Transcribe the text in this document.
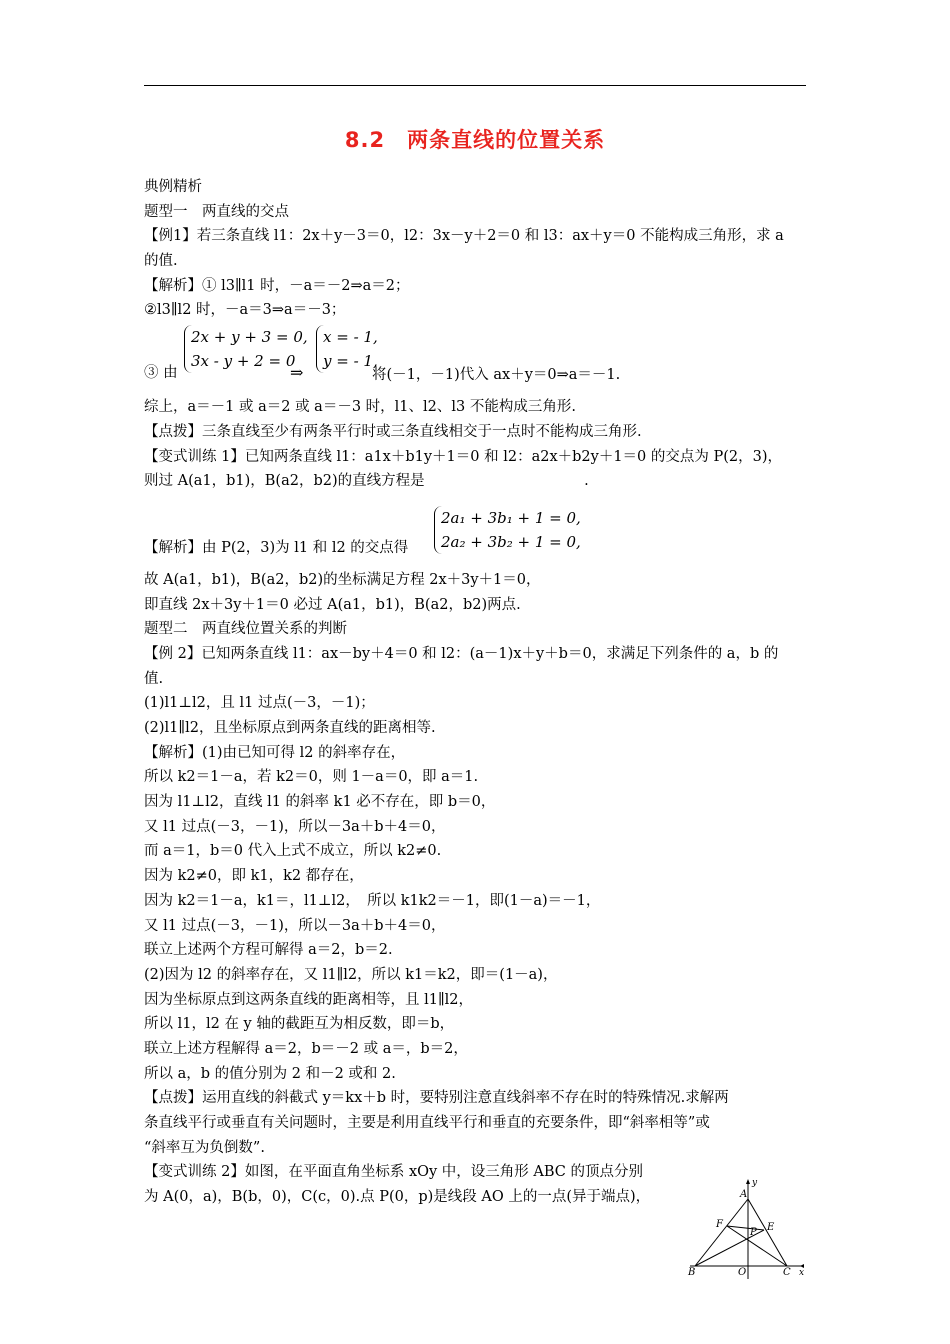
8.2　两条直线的位置关系
典例精析
题型一　两直线的交点
【例1】若三条直线 l1：2x＋y－3＝0，l2：3x－y＋2＝0 和 l3：ax＋y＝0 不能构成三角形，求 a
的值.
【解析】① l3∥l1 时，－a＝－2⇒a＝2；
②l3∥l2 时，－a＝3⇒a＝－3；
2x + y + 3 = 0,
3x - y + 2 = 0
③ 由	⇒
x = - 1,
y = - 1,
将(－1，－1)代入 ax＋y＝0⇒a＝－1.
综上，a＝－1 或 a＝2 或 a＝－3 时，l1、l2、l3 不能构成三角形.
【点拨】三条直线至少有两条平行时或三条直线相交于一点时不能构成三角形.
【变式训练 1】已知两条直线 l1：a1x＋b1y＋1＝0 和 l2：a2x＋b2y＋1＝0 的交点为 P(2，3)，
则过 A(a1，b1)，B(a2，b2)的直线方程是　　　　　　　　　　　.
2a₁ + 3b₁ + 1 = 0,
2a₂ + 3b₂ + 1 = 0,
【解析】由 P(2，3)为 l1 和 l2 的交点得
故 A(a1，b1)，B(a2，b2)的坐标满足方程 2x＋3y＋1＝0，
即直线 2x＋3y＋1＝0 必过 A(a1，b1)，B(a2，b2)两点.
题型二　两直线位置关系的判断
【例 2】已知两条直线 l1：ax－by＋4＝0 和 l2：(a－1)x＋y＋b＝0，求满足下列条件的 a，b 的
值.
(1)l1⊥l2，且 l1 过点(－3，－1)；
(2)l1∥l2，且坐标原点到两条直线的距离相等.
【解析】(1)由已知可得 l2 的斜率存在，
所以 k2＝1－a，若 k2＝0，则 1－a＝0，即 a＝1.
因为 l1⊥l2，直线 l1 的斜率 k1 必不存在，即 b＝0，
又 l1 过点(－3，－1)，所以－3a＋b＋4＝0，
而 a＝1，b＝0 代入上式不成立，所以 k2≠0.
因为 k2≠0，即 k1，k2 都存在，
因为 k2＝1－a，k1＝，l1⊥l2，　所以 k1k2＝－1，即(1－a)＝－1，
又 l1 过点(－3，－1)，所以－3a＋b＋4＝0，
联立上述两个方程可解得 a＝2，b＝2.
(2)因为 l2 的斜率存在，又 l1∥l2，所以 k1＝k2，即＝(1－a)，
因为坐标原点到这两条直线的距离相等，且 l1∥l2，
所以 l1，l2 在 y 轴的截距互为相反数，即＝b，
联立上述方程解得 a＝2，b＝－2 或 a＝，b＝2，
所以 a，b 的值分别为 2 和－2 或和 2.
【点拨】运用直线的斜截式 y＝kx＋b 时，要特别注意直线斜率不存在时的特殊情况.求解两
条直线平行或垂直有关问题时，主要是利用直线平行和垂直的充要条件，即“斜率相等”或
“斜率互为负倒数”.
【变式训练 2】如图，在平面直角坐标系 xOy 中，设三角形 ABC 的顶点分别
为 A(0，a)，B(b，0)，C(c，0).点 P(0，p)是线段 AO 上的一点(异于端点)，	A
y
B	O	C x
P E
F
